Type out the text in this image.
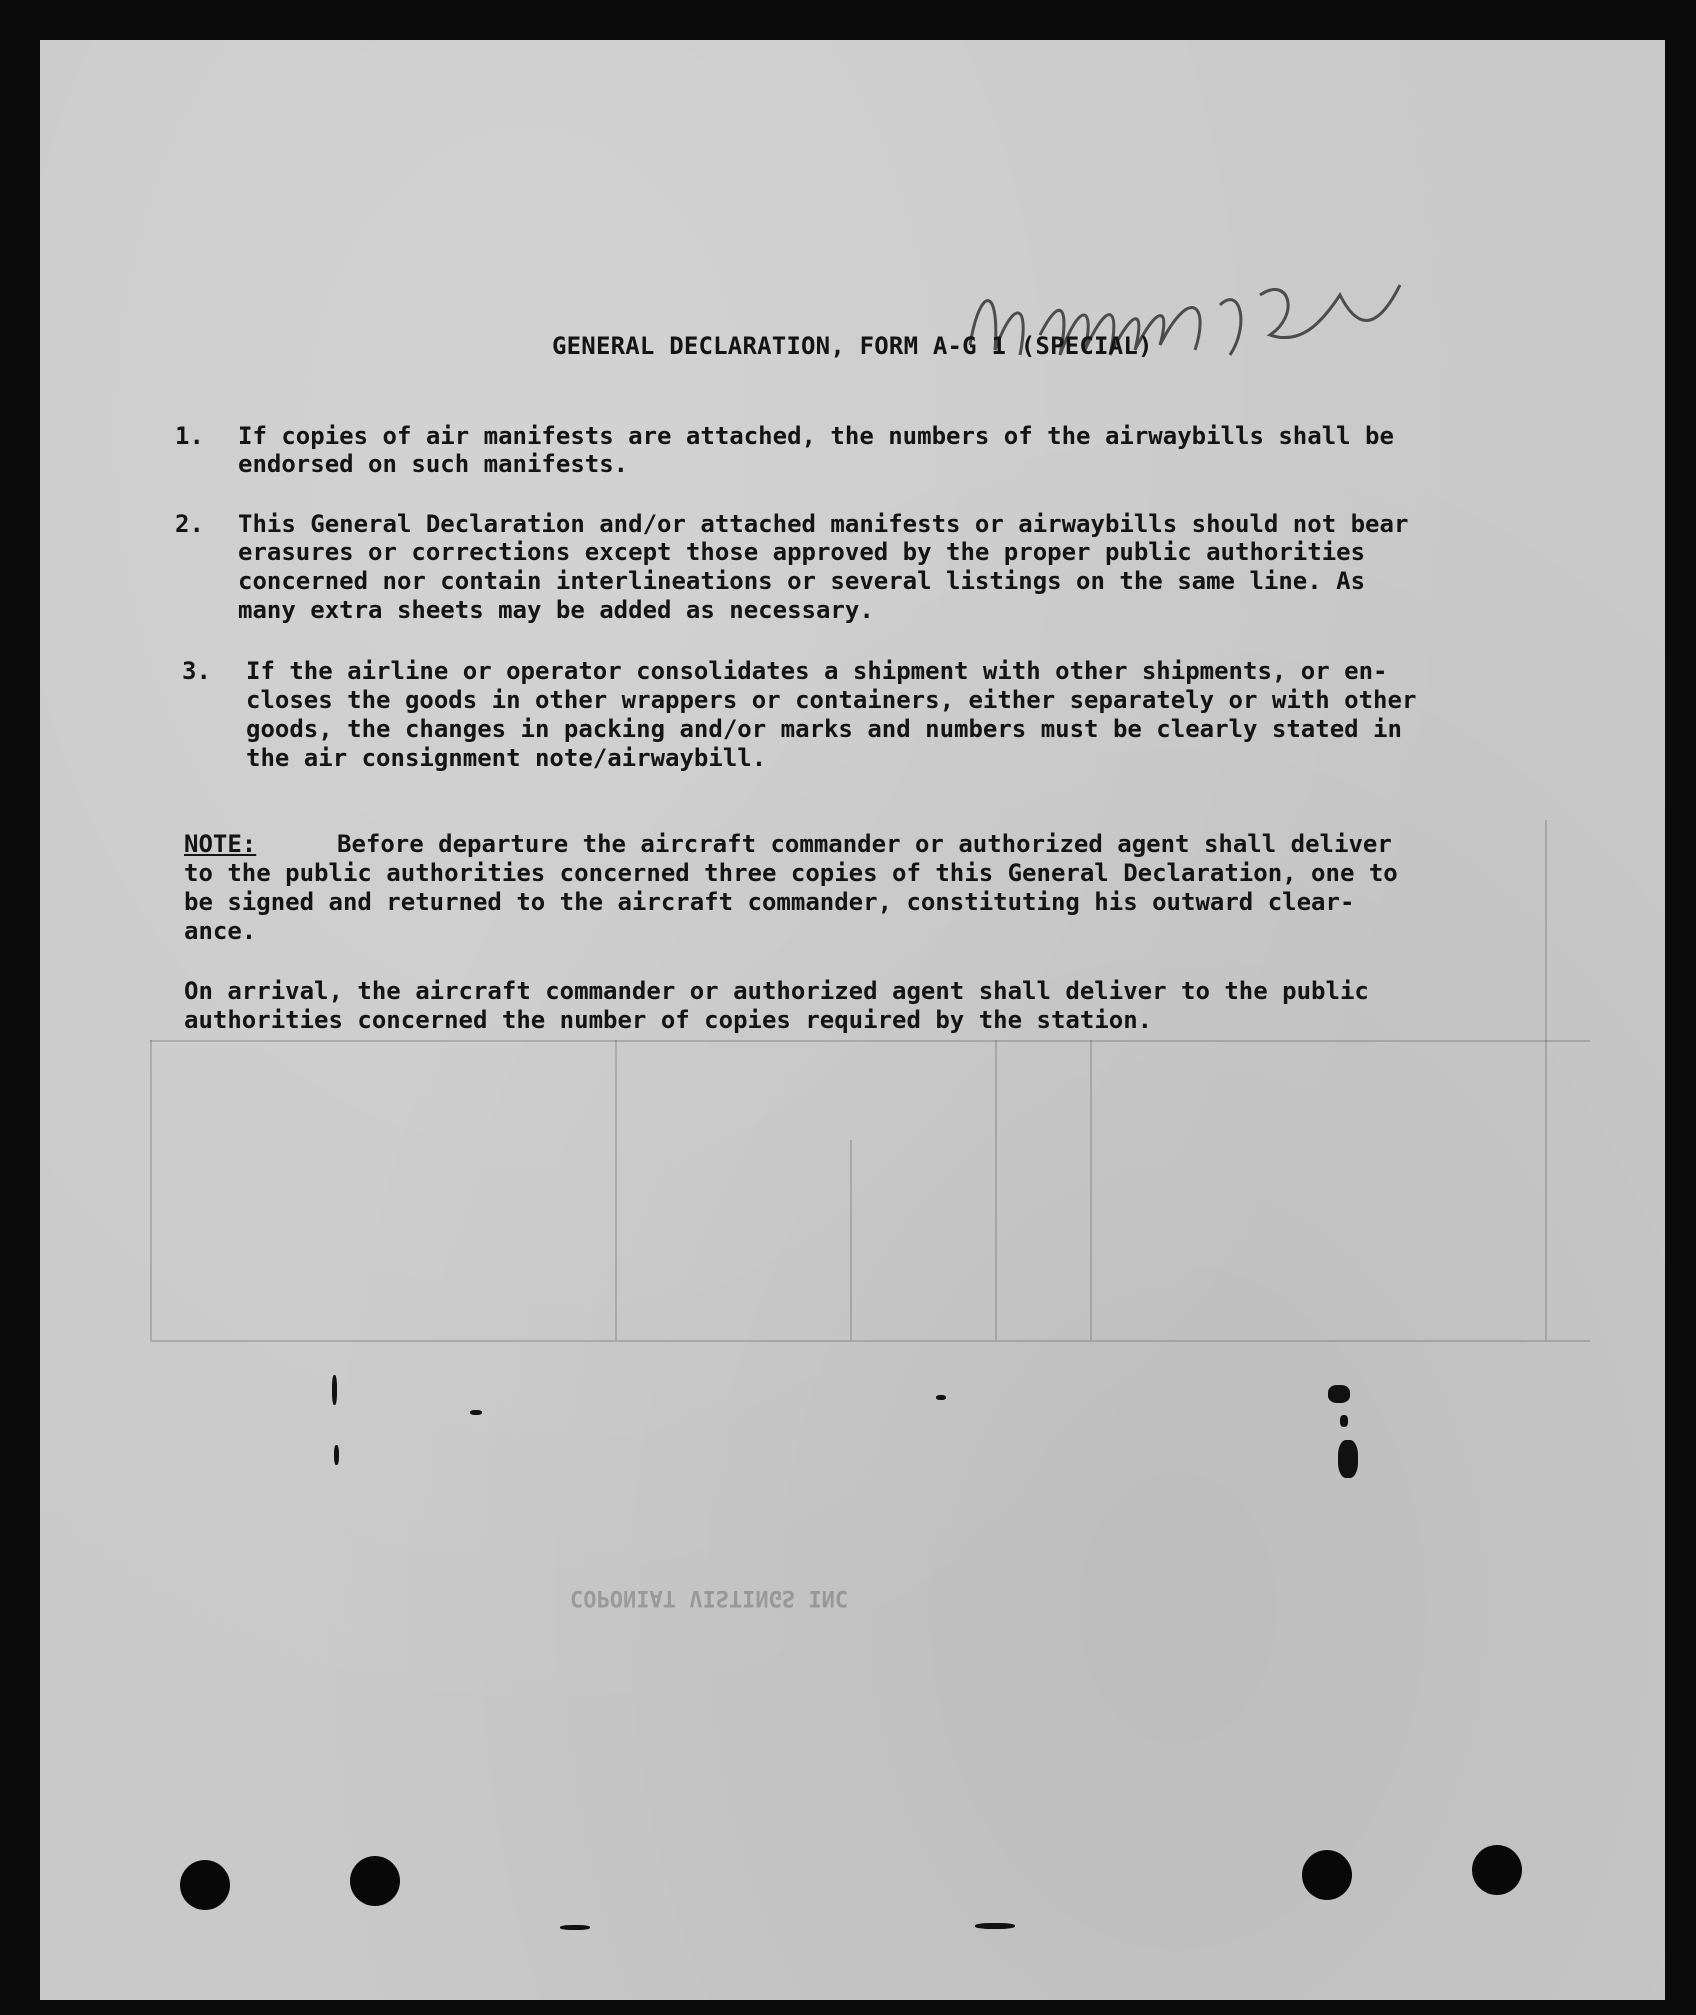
COPONIAT VISTINGS INC
GENERAL DECLARATION, FORM A-G 1 (SPECIAL)
1. If copies of air manifests are attached, the numbers of the airwaybills shall be
endorsed on such manifests.
2. This General Declaration and/or attached manifests or airwaybills should not bear
erasures or corrections except those approved by the proper public authorities
concerned nor contain interlineations or several listings on the same line. As
many extra sheets may be added as necessary.
3. If the airline or operator consolidates a shipment with other shipments, or en-
closes the goods in other wrappers or containers, either separately or with other
goods, the changes in packing and/or marks and numbers must be clearly stated in
the air consignment note/airwaybill.
NOTE:	Before departure the aircraft commander or authorized agent shall deliver
to the public authorities concerned three copies of this General Declaration, one to
be signed and returned to the aircraft commander, constituting his outward clear-
ance.
On arrival, the aircraft commander or authorized agent shall deliver to the public
authorities concerned the number of copies required by the station.
